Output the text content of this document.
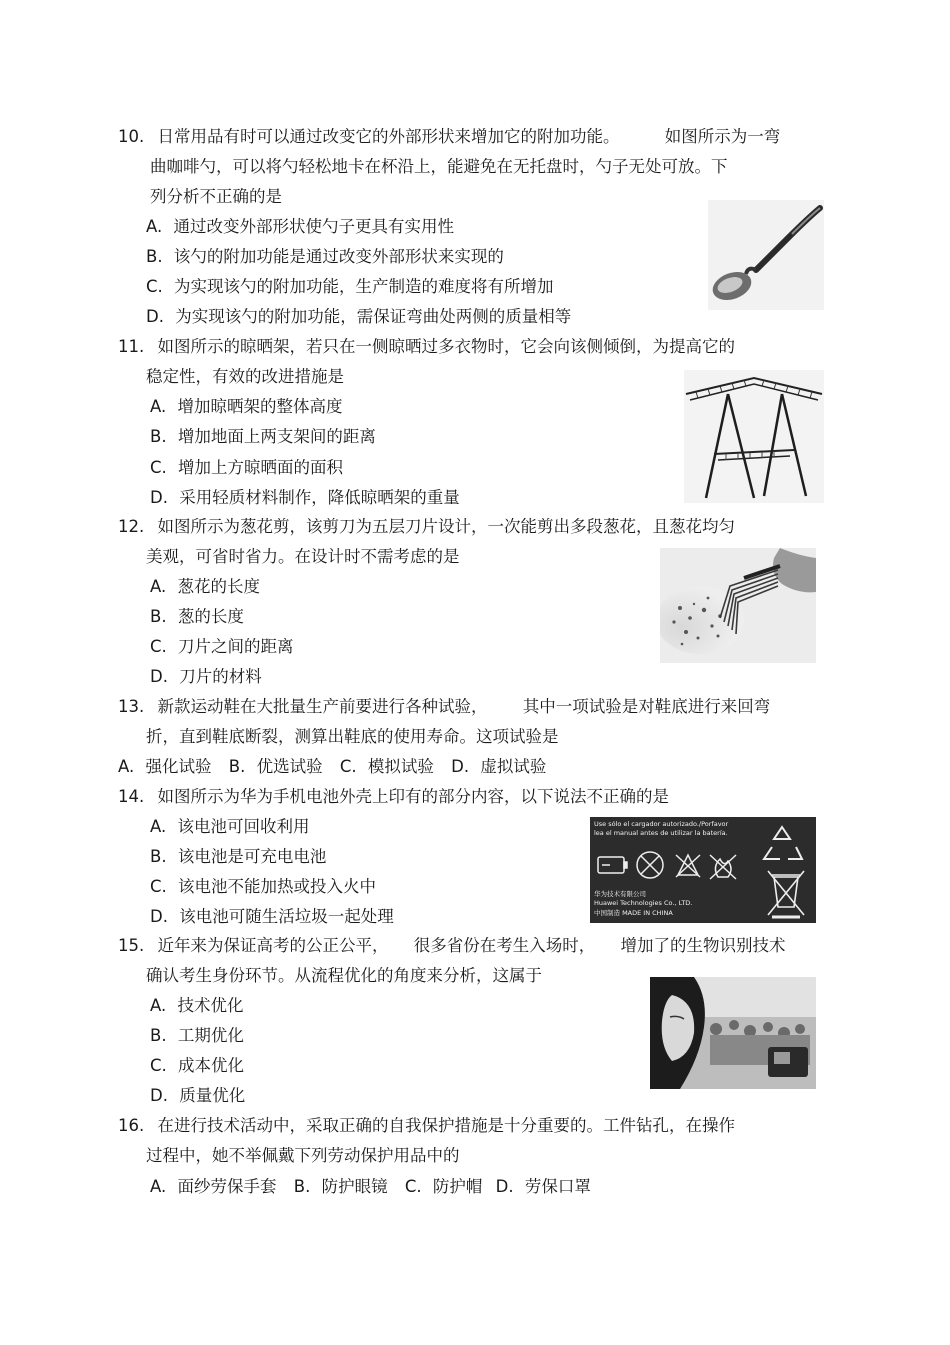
10. 日常用品有时可以通过改变它的外部形状来增加它的附加功能。	如图所示为一弯
曲咖啡勺，可以将勺轻松地卡在杯沿上，能避免在无托盘时，勺子无处可放。下
列分析不正确的是
A. 通过改变外部形状使勺子更具有实用性
B. 该勺的附加功能是通过改变外部形状来实现的
C. 为实现该勺的附加功能，生产制造的难度将有所增加
D. 为实现该勺的附加功能，需保证弯曲处两侧的质量相等
11. 如图所示的晾晒架，若只在一侧晾晒过多衣物时，它会向该侧倾倒，为提高它的
稳定性，有效的改进措施是
A. 增加晾晒架的整体高度
B. 增加地面上两支架间的距离
C. 增加上方晾晒面的面积
D. 采用轻质材料制作，降低晾晒架的重量
12. 如图所示为葱花剪，该剪刀为五层刀片设计，一次能剪出多段葱花，且葱花均匀
美观，可省时省力。在设计时不需考虑的是
A. 葱花的长度
B. 葱的长度
C. 刀片之间的距离
D. 刀片的材料
13. 新款运动鞋在大批量生产前要进行各种试验， 其中一项试验是对鞋底进行来回弯
折，直到鞋底断裂，测算出鞋底的使用寿命。这项试验是
A. 强化试验 B. 优选试验 C. 模拟试验 D. 虚拟试验
14. 如图所示为华为手机电池外壳上印有的部分内容，以下说法不正确的是
A. 该电池可回收利用
B. 该电池是可充电电池
C. 该电池不能加热或投入火中
D. 该电池可随生活垃圾一起处理
Use sólo el cargador autorizado./Porfavor
lea el manual antes de utilizar la batería.
华为技术有限公司
Huawei Technologies Co., LTD.
中国制造 MADE IN CHINA
15. 近年来为保证高考的公正公平， 很多省份在考生入场时， 增加了的生物识别技术
确认考生身份环节。从流程优化的角度来分析，这属于
A. 技术优化
B. 工期优化
C. 成本优化
D. 质量优化
16. 在进行技术活动中，采取正确的自我保护措施是十分重要的。工件钻孔，在操作
过程中，她不举佩戴下列劳动保护用品中的
A. 面纱劳保手套 B. 防护眼镜 C. 防护帽 D. 劳保口罩
